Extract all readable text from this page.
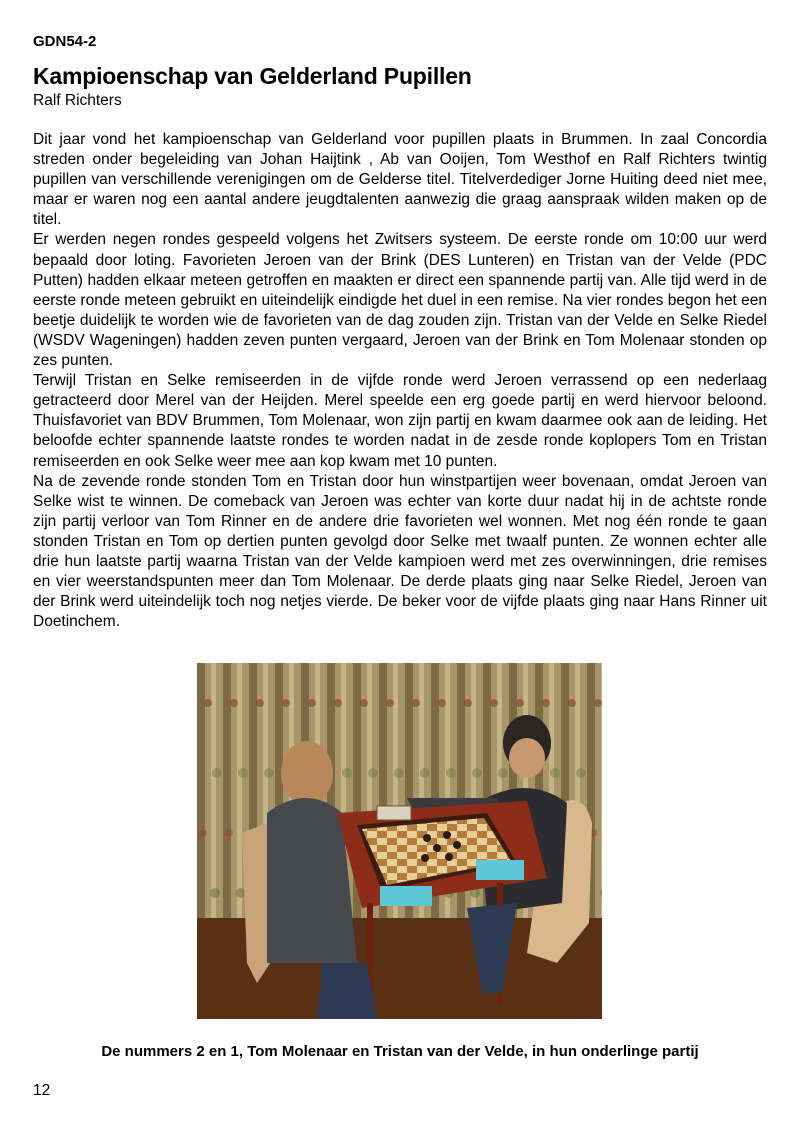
GDN54-2
Kampioenschap van Gelderland Pupillen
Ralf Richters

Dit jaar vond het kampioenschap van Gelderland voor pupillen plaats in Brummen. In zaal Concordia streden onder begeleiding van Johan Haijtink , Ab van Ooijen, Tom Westhof en Ralf Richters twintig pupillen van verschillende verenigingen om de Gelderse titel. Titelverdediger Jorne Huiting deed niet mee, maar er waren nog een aantal andere jeugdtalenten aanwezig die graag aanspraak wilden maken op de titel.

Er werden negen rondes gespeeld volgens het Zwitsers systeem. De eerste ronde om 10:00 uur werd bepaald door loting. Favorieten Jeroen van der Brink (DES Lunteren) en Tristan van der Velde (PDC Putten) hadden elkaar meteen getroffen en maakten er direct een spannende partij van. Alle tijd werd in de eerste ronde meteen gebruikt en uiteindelijk eindigde het duel in een remise. Na vier rondes begon het een beetje duidelijk te worden wie de favorieten van de dag zouden zijn. Tristan van der Velde en Selke Riedel (WSDV Wageningen) hadden zeven punten vergaard, Jeroen van der Brink en Tom Molenaar stonden op zes punten.

Terwijl Tristan en Selke remiseerden in de vijfde ronde werd Jeroen verrassend op een nederlaag getracteerd door Merel van der Heijden. Merel speelde een erg goede partij en werd hiervoor beloond. Thuisfavoriet van BDV Brummen, Tom Molenaar, won zijn partij en kwam daarmee ook aan de leiding. Het beloofde echter spannende laatste rondes te worden nadat in de zesde ronde koplopers Tom en Tristan remiseerden en ook Selke weer mee aan kop kwam met 10 punten.

Na de zevende ronde stonden Tom en Tristan door hun winstpartijen weer bovenaan, omdat Jeroen van Selke wist te winnen. De comeback van Jeroen was echter van korte duur nadat hij in de achtste ronde zijn partij verloor van Tom Rinner en de andere drie favorieten wel wonnen. Met nog één ronde te gaan stonden Tristan en Tom op dertien punten gevolgd door Selke met twaalf punten. Ze wonnen echter alle drie hun laatste partij waarna Tristan van der Velde kampioen werd met zes overwinningen, drie remises en vier weerstandspunten meer dan Tom Molenaar. De derde plaats ging naar Selke Riedel, Jeroen van der Brink werd uiteindelijk toch nog netjes vierde. De beker voor de vijfde plaats ging naar Hans Rinner uit Doetinchem.

De nummers 2 en 1, Tom Molenaar en Tristan van der Velde, in hun onderlinge partij
12
